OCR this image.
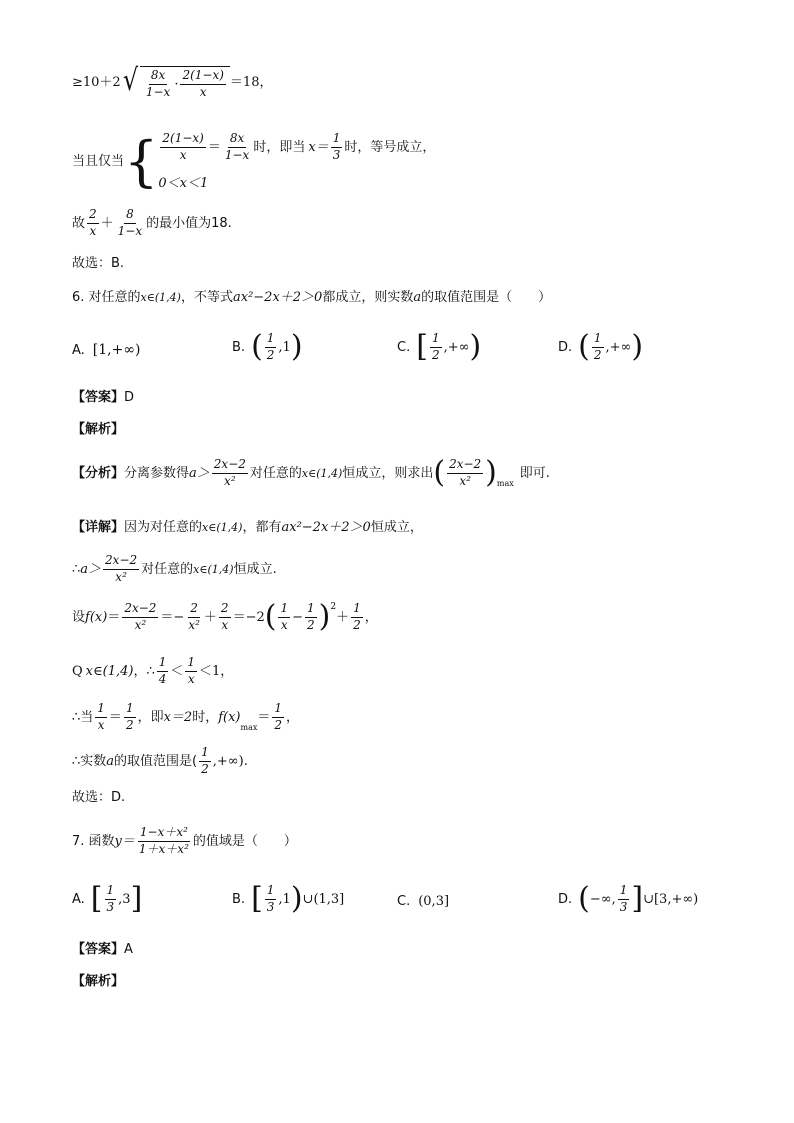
≥10＋2 √ $\frac{8x}{1-x} \cdot \frac{2(1-x)}{x} =18$，
当且仅当 { $\frac{2(1-x)}{x} = \frac{8x}{1-x}$ 时，即当 $x= \frac{1}{3}$ 时，等号成立，
0＜x＜1
故 $\frac{2}{x} + \frac{8}{1-x}$ 的最小值为18.
故选：B.
6. 对任意的 x∈(1,4) ，不等式 ax²−2x＋2＞0 都成立，则实数 a 的取值范围是（　　）
A. [1,+∞)	B. ( $\frac{1}{2} ,1$ )	C. [ $\frac{1}{2}$ ,+∞ )	D. ( $\frac{1}{2}$ ,+∞ )
【答案】 D
【解析】
【分析】 分离参数得 $a> \frac{2x-2}{\text{x²}}$ 对任意的 x∈(1,4) 恒成立，则求出 ( $\frac{2x-2}{\text{x²}}$ ) max
即可.
【详解】 因为对任意的 x∈(1,4) ，都有 ax²−2x＋2＞0 恒成立，
∴ $a> \frac{2x-2}{\text{x²}}$ 对任意的 x∈(1,4) 恒成立.
设 $f(x) = \frac{2x-2}{\text{x²}} =- \frac{2}{\text{x²}} + \frac{2}{x} =-2$ ( $\frac{1}{x} - \frac{1}{2}$ ) 2
＋ $\frac{1}{2}$ ，
Q x∈(1,4) ，∴ $\frac{1}{4} < \frac{1}{x} <1$，
∴当 $\frac{1}{x} = \frac{1}{2}$ ，即 x＝2 时， f(x)
max
＝ $\frac{1}{2}$ ，
∴实数 a 的取值范围是( $\frac{1}{2}$ ,+∞).
故选：D.
7. 函数 $y= \frac{\text{1−x＋x²}}{\text{1＋x＋x²}}$ 的值域是（　　）
A. [ $\frac{1}{3} ,3$ ]	B. [ $\frac{1}{3} ,1$ ) ∪(1,3]	C. (0,3]	D. ( −∞, $\frac{1}{3}$ ] ∪[3,+∞)
【答案】 A
【解析】
